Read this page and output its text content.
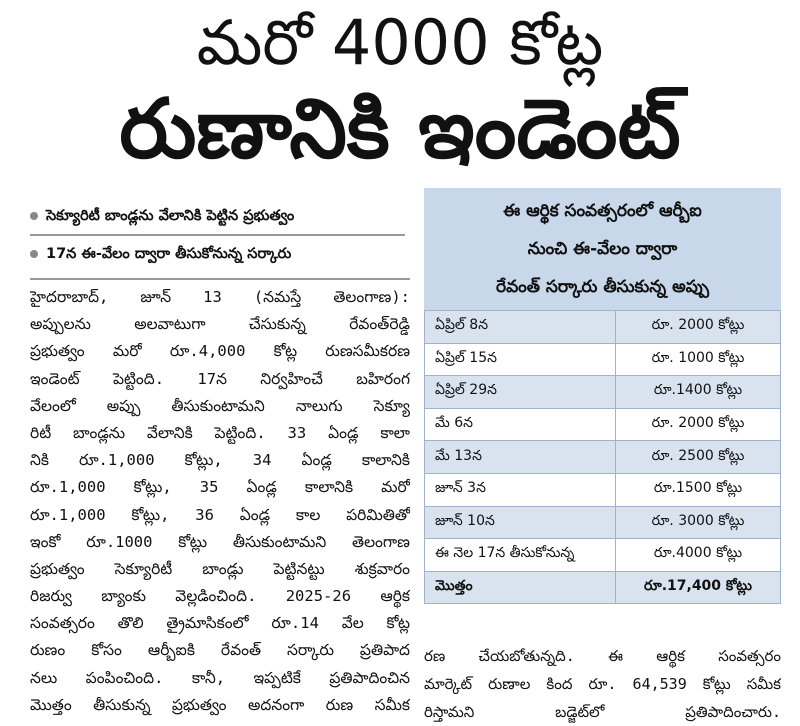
మరో 4000 కోట్ల
రుణానికి ఇండెంట్
సెక్యూరిటీ బాండ్లను వేలానికి పెట్టిన ప్రభుత్వం
17న ఈ-వేలం ద్వారా తీసుకోనున్న సర్కారు
హైదరాబాద్, జూన్ 13 (నమస్తే తెలంగాణ):
అప్పులను అలవాటుగా చేసుకున్న రేవంత్‌రెడ్డి
ప్రభుత్వం మరో రూ.4,000 కోట్ల రుణసమీకరణ
ఇండెంట్ పెట్టింది. 17న నిర్వహించే బహిరంగ
వేలంలో అప్పు తీసుకుంటామని నాలుగు సెక్యూ
రిటీ బాండ్లను వేలానికి పెట్టింది. 33 ఏండ్ల కాలా
నికి రూ.1,000 కోట్లు, 34 ఏండ్ల కాలానికి
రూ.1,000 కోట్లు, 35 ఏండ్ల కాలానికి మరో
రూ.1,000 కోట్లు, 36 ఏండ్ల కాల పరిమితితో
ఇంకో రూ.1000 కోట్లు తీసుకుంటామని తెలంగాణ
ప్రభుత్వం సెక్యూరిటీ బాండ్లు పెట్టినట్టు శుక్రవారం
రిజర్వు బ్యాంకు వెల్లడించింది. 2025-26 ఆర్థిక
సంవత్సరం తొలి త్రైమాసికంలో రూ.14 వేల కోట్ల
రుణం కోసం ఆర్బీఐకి రేవంత్ సర్కారు ప్రతిపాద
నలు పంపించింది. కానీ, ఇప్పటికే ప్రతిపాదించిన
మొత్తం తీసుకున్న ప్రభుత్వం అదనంగా రుణ సమీక
ఈ ఆర్థిక సంవత్సరంలో ఆర్బీఐ
నుంచి ఈ-వేలం ద్వారా
రేవంత్ సర్కారు తీసుకున్న అప్పు
ఏప్రిల్ 8న	రూ. 2000 కోట్లు
ఏప్రిల్ 15న	రూ. 1000 కోట్లు
ఏప్రిల్ 29న	రూ.1400 కోట్లు
మే 6న	రూ. 2000 కోట్లు
మే 13న	రూ. 2500 కోట్లు
జూన్ 3న	రూ.1500 కోట్లు
జూన్ 10న	రూ. 3000 కోట్లు
ఈ నెల 17న తీసుకోనున్న	రూ.4000 కోట్లు
మొత్తం	రూ.17,400 కోట్లు
రణ చేయబోతున్నది. ఈ ఆర్థిక సంవత్సరం
మార్కెట్ రుణాల కింద రూ. 64,539 కోట్లు సమీక
రిస్తామని బడ్జెట్‌లో ప్రతిపాదించారు.
